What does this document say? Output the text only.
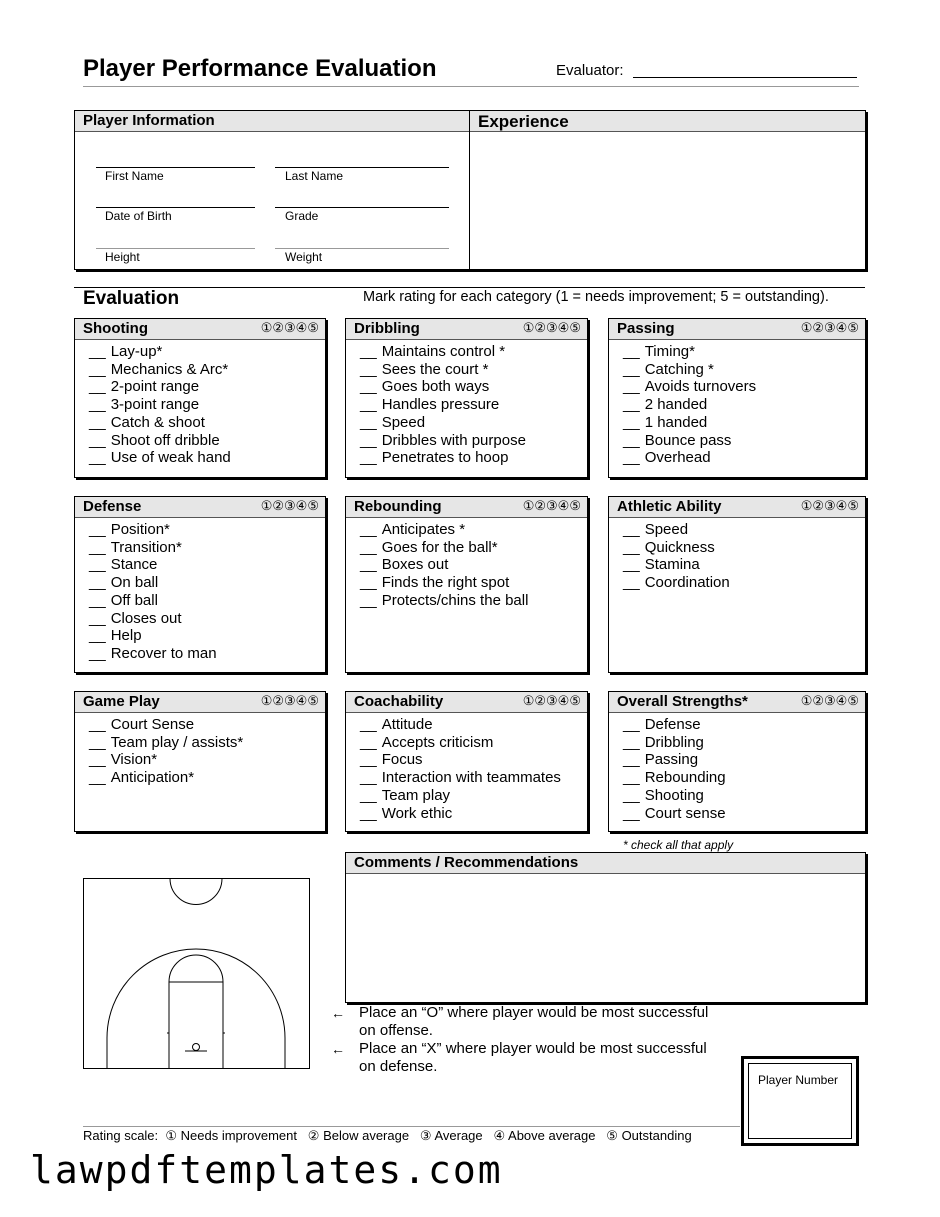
Player Performance Evaluation	Evaluator:
Player Information
First Name	Last Name
Date of Birth	Grade
Height	Weight
Experience
Evaluation	Mark rating for each category (1 = needs improvement; 5 = outstanding).
Shooting	①②③④⑤
__ Lay-up*
__ Mechanics & Arc*
__ 2-point range
__ 3-point range
__ Catch & shoot
__ Shoot off dribble
__ Use of weak hand
Dribbling	①②③④⑤
__ Maintains control *
__ Sees the court *
__ Goes both ways
__ Handles pressure
__ Speed
__ Dribbles with purpose
__ Penetrates to hoop
Passing	①②③④⑤
__ Timing*
__ Catching *
__ Avoids turnovers
__ 2 handed
__ 1 handed
__ Bounce pass
__ Overhead
Defense	①②③④⑤
__ Position*
__ Transition*
__ Stance
__ On ball
__ Off ball
__ Closes out
__ Help
__ Recover to man
Rebounding	①②③④⑤
__ Anticipates *
__ Goes for the ball*
__ Boxes out
__ Finds the right spot
__ Protects/chins the ball
Athletic Ability	①②③④⑤
__ Speed
__ Quickness
__ Stamina
__ Coordination
Game Play	①②③④⑤
__ Court Sense
__ Team play / assists*
__ Vision*
__ Anticipation*
Coachability	①②③④⑤
__ Attitude
__ Accepts criticism
__ Focus
__ Interaction with teammates
__ Team play
__ Work ethic
Overall Strengths*	①②③④⑤
__ Defense
__ Dribbling
__ Passing
__ Rebounding
__ Shooting
__ Court sense
* check all that apply
Comments / Recommendations
← Place an “O” where player would be most successful
on offense.
← Place an “X” where player would be most successful
on defense.
Player Number
Rating scale:  ① Needs improvement   ② Below average   ③ Average   ④ Above average   ⑤ Outstanding
lawpdftemplates.com
